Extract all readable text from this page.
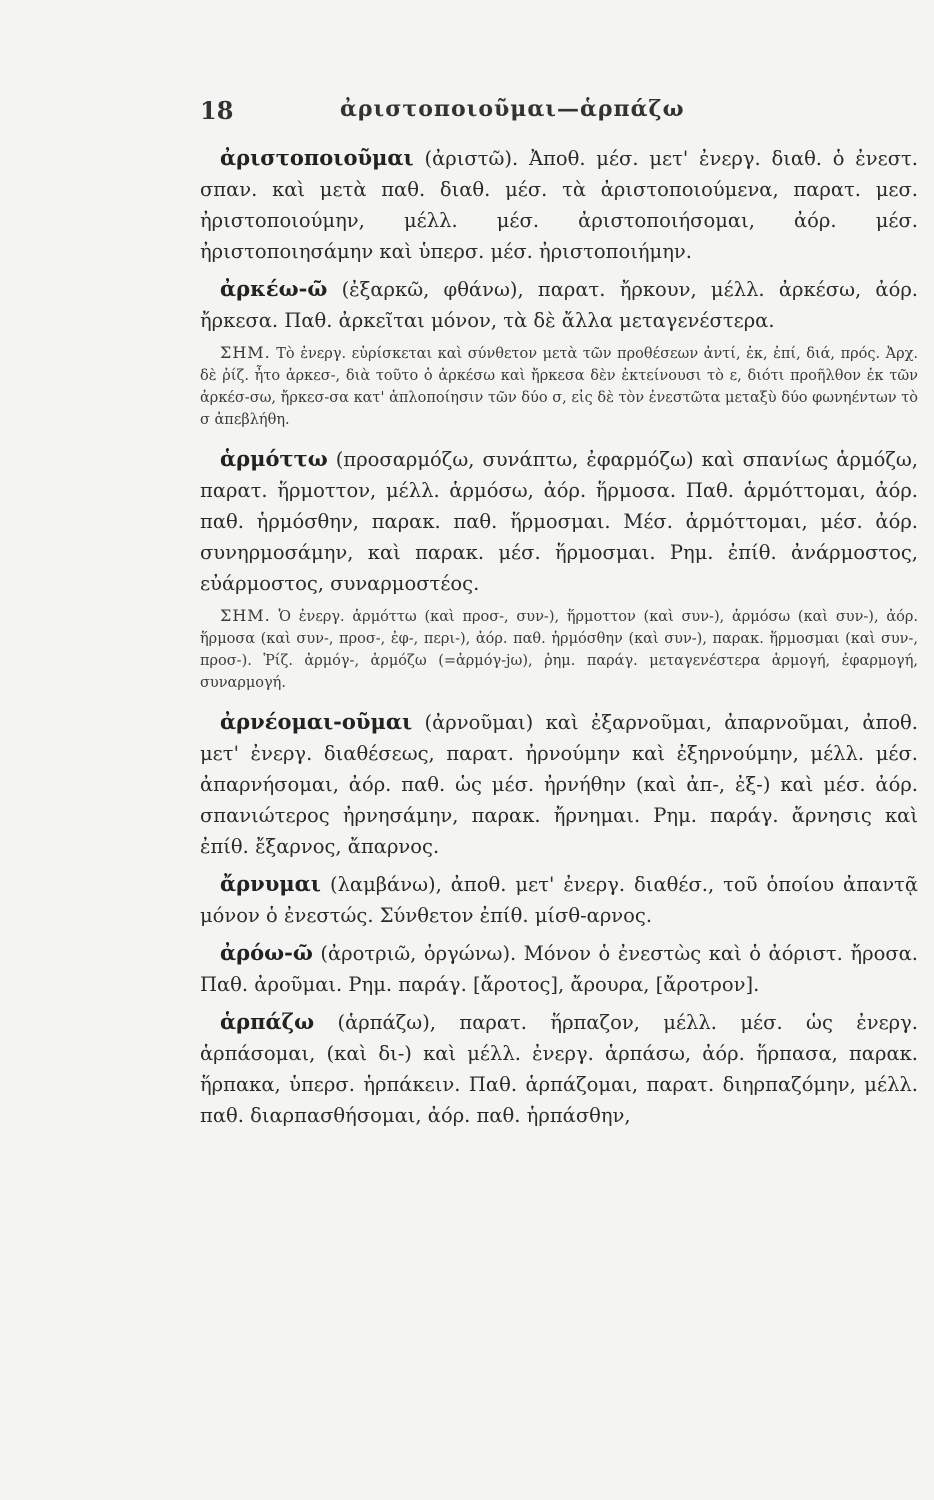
18	ἀριστοποιοῦμαι—ἁρπάζω

ἀριστοποιοῦμαι (ἀριστῶ). Ἀποθ. μέσ. μετ' ἐνεργ. διαθ. ὁ ἐνεστ. σπαν. καὶ μετὰ παθ. διαθ. μέσ. τὰ ἀριστοποιούμενα, παρατ. μεσ. ἠριστοποιούμην, μέλλ. μέσ. ἀριστοποιήσομαι, ἀόρ. μέσ. ἠριστοποιησάμην καὶ ὑπερσ. μέσ. ἠριστοποιήμην.

ἀρκέω-ῶ (ἐξαρκῶ, φθάνω), παρατ. ἤρκουν, μέλλ. ἀρκέσω, ἀόρ. ἤρκεσα. Παθ. ἀρκεῖται μόνον, τὰ δὲ ἄλλα μεταγενέστερα.

ΣΗΜ. Τὸ ἐνεργ. εὑρίσκεται καὶ σύνθετον μετὰ τῶν προθέσεων ἀντί, ἐκ, ἐπί, διά, πρός. Ἀρχ. δὲ ῥίζ. ἦτο ἀρκεσ-, διὰ τοῦτο ὁ ἀρκέσω καὶ ἤρκεσα δὲν ἐκτείνουσι τὸ ε, διότι προῆλθον ἐκ τῶν ἀρκέσ-σω, ἤρκεσ-σα κατ' ἁπλοποίησιν τῶν δύο σ, εἰς δὲ τὸν ἐνεστῶτα μεταξὺ δύο φωνηέντων τὸ σ ἀπεβλήθη.

ἁρμόττω (προσαρμόζω, συνάπτω, ἐφαρμόζω) καὶ σπανίως ἁρμόζω, παρατ. ἥρμοττον, μέλλ. ἁρμόσω, ἀόρ. ἥρμοσα. Παθ. ἁρμόττομαι, ἀόρ. παθ. ἡρμόσθην, παρακ. παθ. ἥρμοσμαι. Μέσ. ἁρμόττομαι, μέσ. ἀόρ. συνηρμοσάμην, καὶ παρακ. μέσ. ἥρμοσμαι. Ρημ. ἐπίθ. ἀνάρμοστος, εὐάρμοστος, συναρμοστέος.

ΣΗΜ. Ὁ ἐνεργ. ἁρμόττω (καὶ προσ-, συν-), ἥρμοττον (καὶ συν-), ἁρμόσω (καὶ συν-), ἀόρ. ἥρμοσα (καὶ συν-, προσ-, ἐφ-, περι-), ἀόρ. παθ. ἡρμόσθην (καὶ συν-), παρακ. ἥρμοσμαι (καὶ συν-, προσ-). Ῥίζ. ἁρμόγ-, ἁρμόζω (=ἁρμόγ-jω), ῥημ. παράγ. μεταγενέστερα ἁρμογή, ἐφαρμογή, συναρμογή.

ἀρνέομαι-οῦμαι (ἀρνοῦμαι) καὶ ἐξαρνοῦμαι, ἀπαρνοῦμαι, ἀποθ. μετ' ἐνεργ. διαθέσεως, παρατ. ἠρνούμην καὶ ἐξηρνούμην, μέλλ. μέσ. ἀπαρνήσομαι, ἀόρ. παθ. ὡς μέσ. ἠρνήθην (καὶ ἀπ-, ἐξ-) καὶ μέσ. ἀόρ. σπανιώτερος ἠρνησάμην, παρακ. ἤρνημαι. Ρημ. παράγ. ἄρνησις καὶ ἐπίθ. ἔξαρνος, ἄπαρνος.

ἄρνυμαι (λαμβάνω), ἀποθ. μετ' ἐνεργ. διαθέσ., τοῦ ὁποίου ἀπαντᾷ μόνον ὁ ἐνεστώς. Σύνθετον ἐπίθ. μίσθ-αρνος.

ἀρόω-ῶ (ἀροτριῶ, ὀργώνω). Μόνον ὁ ἐνεστὼς καὶ ὁ ἀόριστ. ἤροσα. Παθ. ἀροῦμαι. Ρημ. παράγ. [ἄροτος], ἄρουρα, [ἄροτρον].

ἁρπάζω (ἁρπάζω), παρατ. ἥρπαζον, μέλλ. μέσ. ὡς ἐνεργ. ἁρπάσομαι, (καὶ δι-) καὶ μέλλ. ἐνεργ. ἁρπάσω, ἀόρ. ἥρπασα, παρακ. ἥρπακα, ὑπερσ. ἡρπάκειν. Παθ. ἁρπάζομαι, παρατ. διηρπαζόμην, μέλλ. παθ. διαρπασθήσομαι, ἀόρ. παθ. ἡρπάσθην,
